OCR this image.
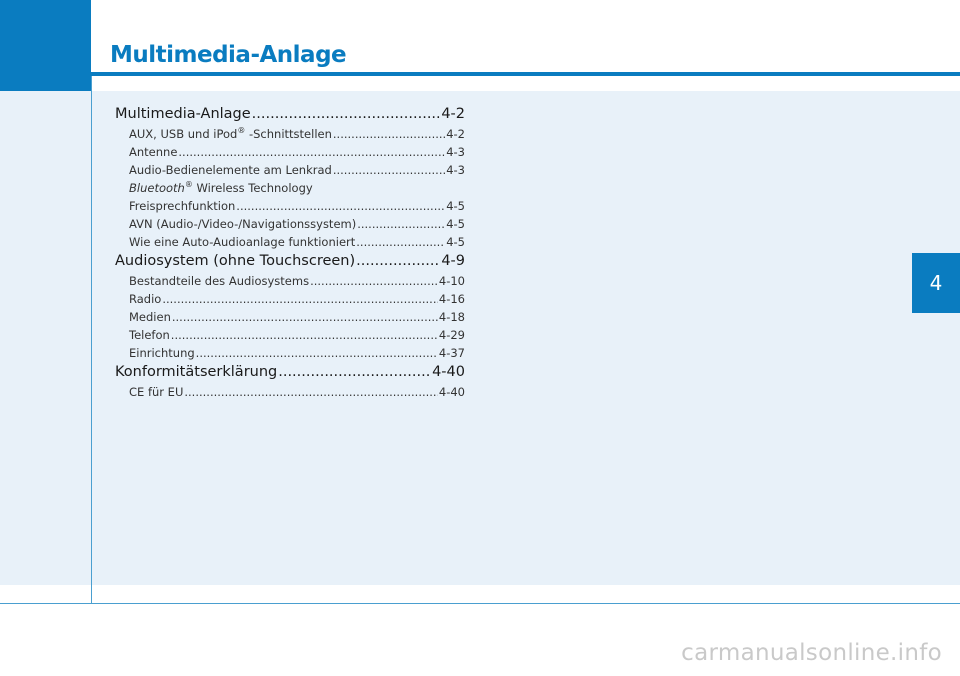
Multimedia-Anlage
4
Multimedia-Anlage .....	4-2
AUX, USB und iPod® -Schnittstellen .....	4-2
Antenne .....	4-3
Audio-Bedienelemente am Lenkrad .....	4-3
Bluetooth® Wireless Technology
Freisprechfunktion .....	4-5
AVN (Audio-/Video-/Navigationssystem) .....	4-5
Wie eine Auto-Audioanlage funktioniert .....	4-5
Audiosystem (ohne Touchscreen) .....	4-9
Bestandteile des Audiosystems .....	4-10
Radio .....	4-16
Medien .....	4-18
Telefon .....	4-29
Einrichtung .....	4-37
Konformitätserklärung .....	4-40
CE für EU .....	4-40
carmanualsonline.info
